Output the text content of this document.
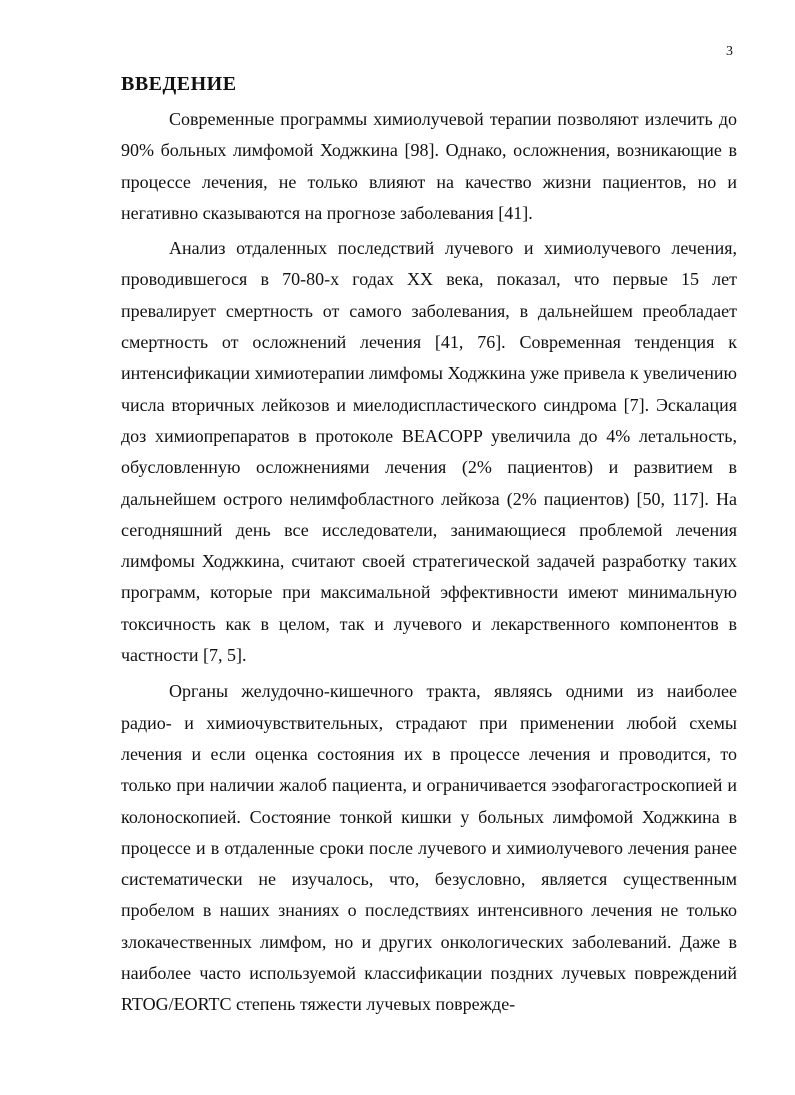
3
ВВЕДЕНИЕ

Современные программы химиолучевой терапии позволяют излечить до 90% больных лимфомой Ходжкина [98]. Однако, осложнения, возникающие в процессе лечения, не только влияют на качество жизни пациентов, но и негативно сказываются на прогнозе заболевания [41].

Анализ отдаленных последствий лучевого и химиолучевого лечения, проводившегося в 70-80-х годах XX века, показал, что первые 15 лет превалирует смертность от самого заболевания, в дальнейшем преобладает смертность от осложнений лечения [41, 76]. Современная тенденция к интенсификации химиотерапии лимфомы Ходжкина уже привела к увеличению числа вторичных лейкозов и миелодиспластического синдрома [7]. Эскалация доз химиопрепаратов в протоколе BEACOPP увеличила до 4% летальность, обусловленную осложнениями лечения (2% пациентов) и развитием в дальнейшем острого нелимфобластного лейкоза (2% пациентов) [50, 117]. На сегодняшний день все исследователи, занимающиеся проблемой лечения лимфомы Ходжкина, считают своей стратегической задачей разработку таких программ, которые при максимальной эффективности имеют минимальную токсичность как в целом, так и лучевого и лекарственного компонентов в частности [7, 5].

Органы желудочно-кишечного тракта, являясь одними из наиболее радио- и химиочувствительных, страдают при применении любой схемы лечения и если оценка состояния их в процессе лечения и проводится, то только при наличии жалоб пациента, и ограничивается эзофагогастроскопией и колоноскопией. Состояние тонкой кишки у больных лимфомой Ходжкина в процессе и в отдаленные сроки после лучевого и химиолучевого лечения ранее систематически не изучалось, что, безусловно, является существенным пробелом в наших знаниях о последствиях интенсивного лечения не только злокачественных лимфом, но и других онкологических заболеваний. Даже в наиболее часто используемой классификации поздних лучевых повреждений RTOG/EORTC степень тяжести лучевых поврежде-
